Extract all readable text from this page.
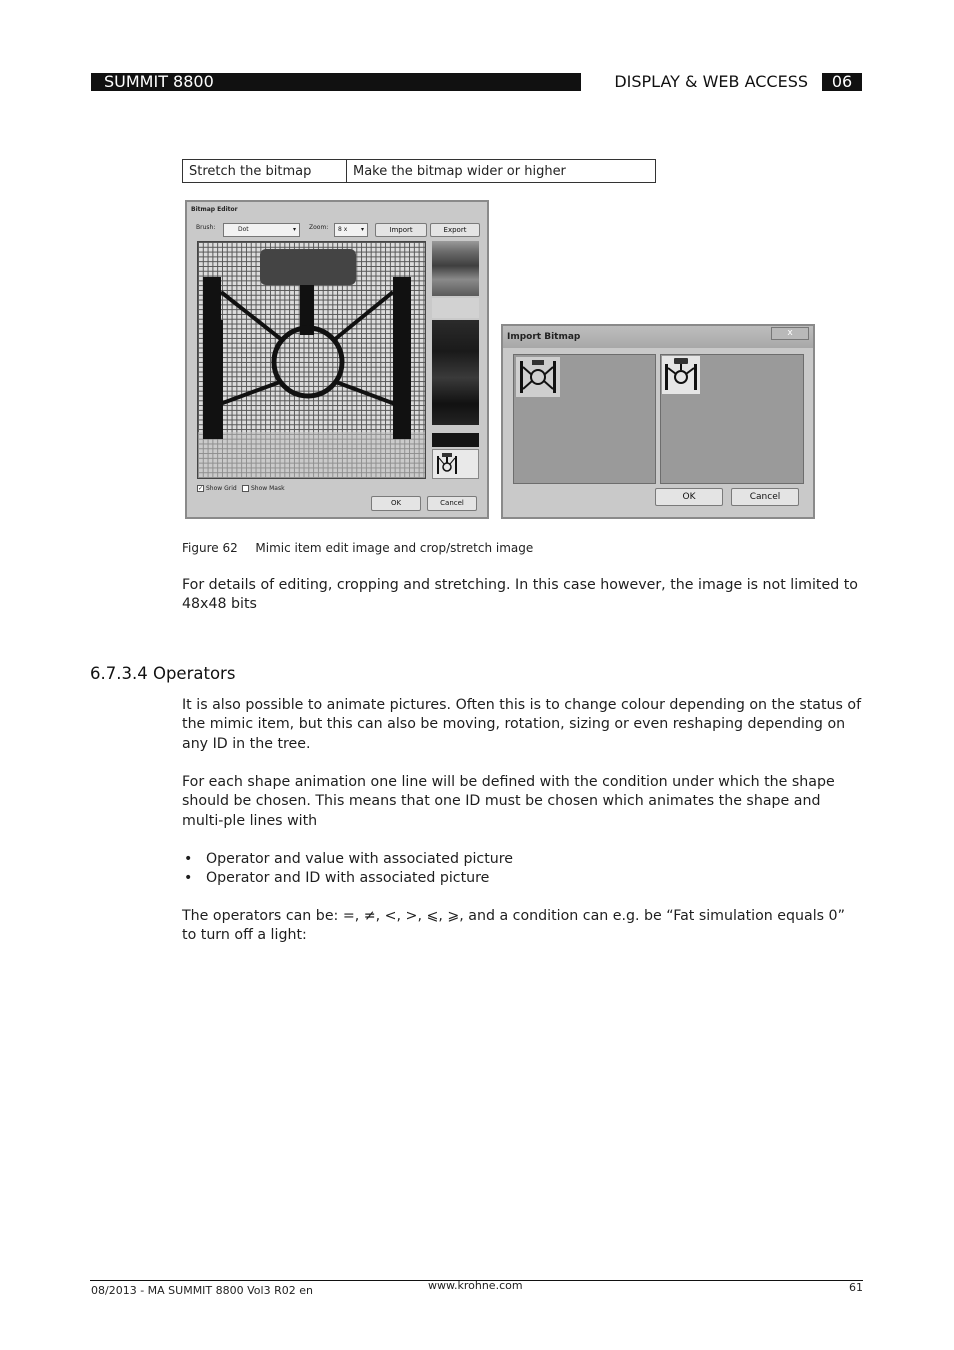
SUMMIT 8800	DISPLAY & WEB ACCESS	06
Stretch the bitmap	Make the bitmap wider or higher
Bitmap Editor
Brush:	Dot	▾ Zoom:	8 x ▾	Import	Export
✓ Show Grid Show Mask
OK	Cancel
Import Bitmap	x
OK	Cancel
Figure 62 Mimic item edit image and crop/stretch image
For details of editing, cropping and stretching. In this case however, the image is not limited to 48x48 bits
6.7.3.4 Operators
It is also possible to animate pictures. Often this is to change colour depending on the status of the mimic item, but this can also be moving, rotation, sizing or even reshaping depending on any ID in the tree.
For each shape animation one line will be defined with the condition under which the shape should be chosen. This means that one ID must be chosen which animates the shape and multi-ple lines with
• Operator and value with associated picture
• Operator and ID with associated picture
The operators can be: =, ≠, <, >, ⩽, ⩾, and a condition can e.g. be “Fat simulation equals 0” to turn off a light:
08/2013 - MA SUMMIT 8800 Vol3 R02 en	www.krohne.com	61
